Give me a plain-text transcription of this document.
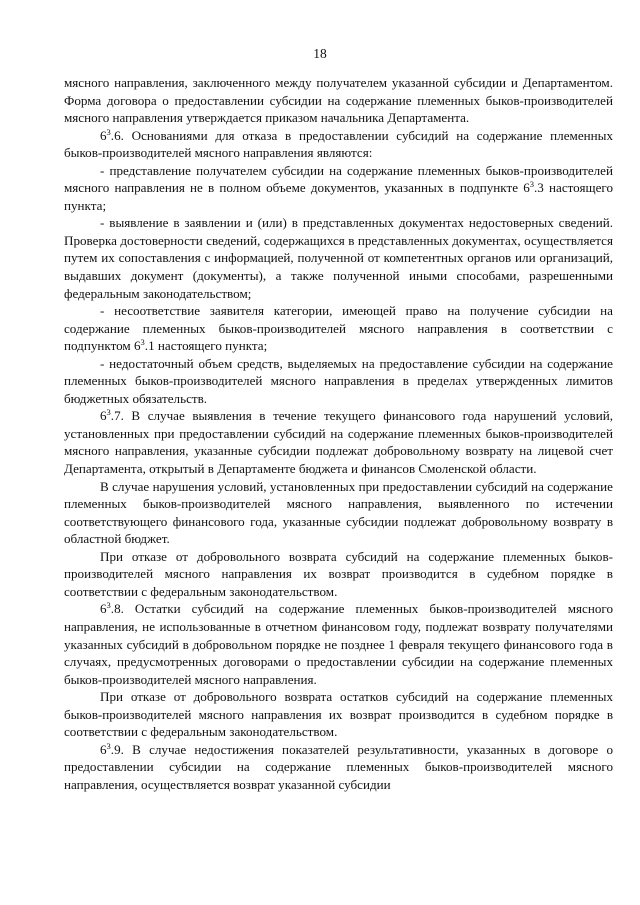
18

мясного направления, заключенного между получателем указанной субсидии и Департаментом. Форма договора о предоставлении субсидии на содержание племенных быков-производителей мясного направления утверждается приказом начальника Департамента.

$6^3.6$. Основаниями для отказа в предоставлении субсидий на содержание племенных быков-производителей мясного направления являются:

- представление получателем субсидии на содержание племенных быков-производителей мясного направления не в полном объеме документов, указанных в подпункте $6^3.3$ настоящего пункта;

- выявление в заявлении и (или) в представленных документах недостоверных сведений. Проверка достоверности сведений, содержащихся в представленных документах, осуществляется путем их сопоставления с информацией, полученной от компетентных органов или организаций, выдавших документ (документы), а также полученной иными способами, разрешенными федеральным законодательством;

- несоответствие заявителя категории, имеющей право на получение субсидии на содержание племенных быков-производителей мясного направления в соответствии с подпунктом $6^3.1$ настоящего пункта;

- недостаточный объем средств, выделяемых на предоставление субсидии на содержание племенных быков-производителей мясного направления в пределах утвержденных лимитов бюджетных обязательств.

$6^3.7$. В случае выявления в течение текущего финансового года нарушений условий, установленных при предоставлении субсидий на содержание племенных быков-производителей мясного направления, указанные субсидии подлежат добровольному возврату на лицевой счет Департамента, открытый в Департаменте бюджета и финансов Смоленской области.

В случае нарушения условий, установленных при предоставлении субсидий на содержание племенных быков-производителей мясного направления, выявленного по истечении соответствующего финансового года, указанные субсидии подлежат добровольному возврату в областной бюджет.

При отказе от добровольного возврата субсидий на содержание племенных быков-производителей мясного направления их возврат производится в судебном порядке в соответствии с федеральным законодательством.

$6^3.8$. Остатки субсидий на содержание племенных быков-производителей мясного направления, не использованные в отчетном финансовом году, подлежат возврату получателями указанных субсидий в добровольном порядке не позднее 1 февраля текущего финансового года в случаях, предусмотренных договорами о предоставлении субсидии на содержание племенных быков-производителей мясного направления.

При отказе от добровольного возврата остатков субсидий на содержание племенных быков-производителей мясного направления их возврат производится в судебном порядке в соответствии с федеральным законодательством.

$6^3.9$. В случае недостижения показателей результативности, указанных в договоре о предоставлении субсидии на содержание племенных быков-производителей мясного направления, осуществляется возврат указанной субсидии
